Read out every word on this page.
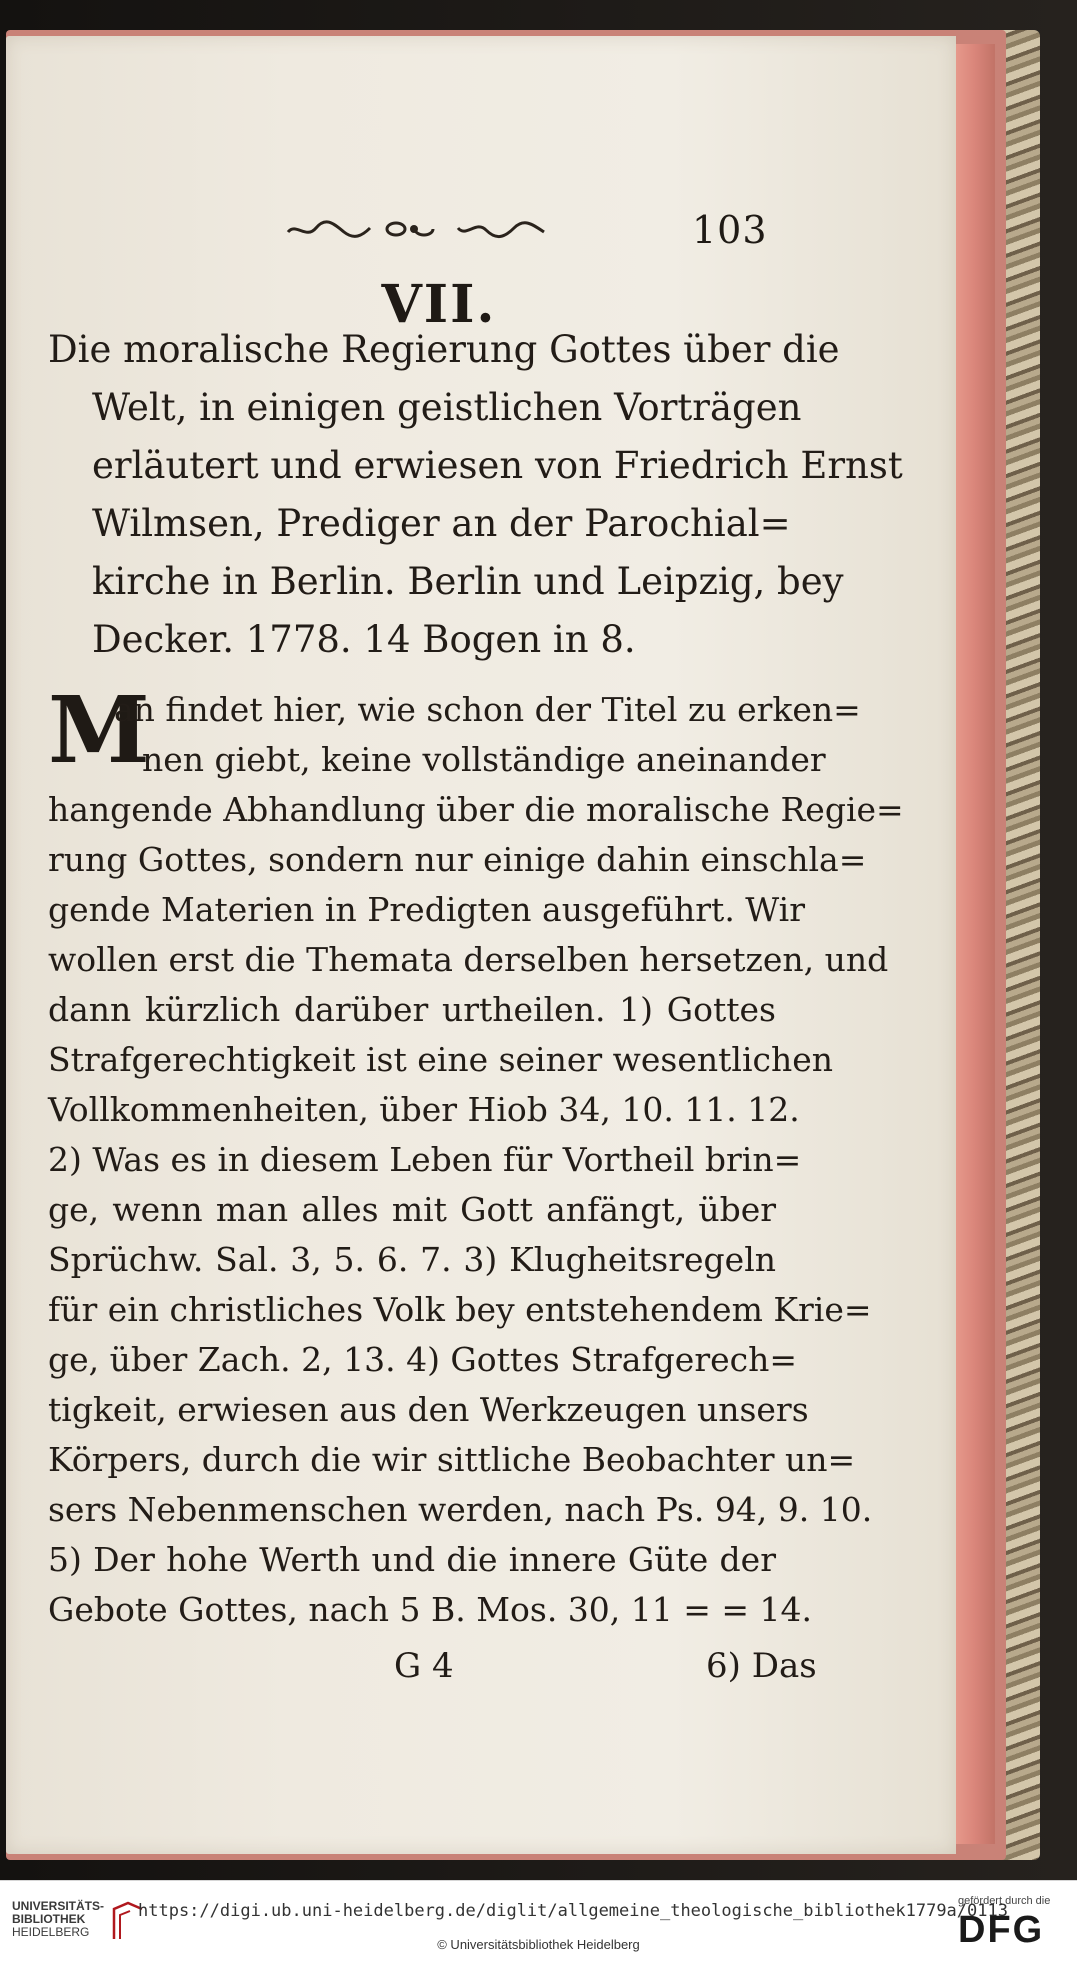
103
VII.
Die moralische Regierung Gottes über die
Welt, in einigen geistlichen Vorträgen
erläutert und erwiesen von Friedrich Ernst
Wilmsen, Prediger an der Parochial=
kirche in Berlin. Berlin und Leipzig, bey
Decker. 1778. 14 Bogen in 8.
M
an findet hier, wie schon der Titel zu erken=
nen giebt, keine vollständige aneinander
hangende Abhandlung über die moralische Regie=
rung Gottes, sondern nur einige dahin einschla=
gende Materien in Predigten ausgeführt. Wir
wollen erst die Themata derselben hersetzen, und
dann kürzlich darüber urtheilen. 1) Gottes
Strafgerechtigkeit ist eine seiner wesentlichen
Vollkommenheiten, über Hiob 34, 10. 11. 12.
2) Was es in diesem Leben für Vortheil brin=
ge, wenn man alles mit Gott anfängt, über
Sprüchw. Sal. 3, 5. 6. 7. 3) Klugheitsregeln
für ein christliches Volk bey entstehendem Krie=
ge, über Zach. 2, 13. 4) Gottes Strafgerech=
tigkeit, erwiesen aus den Werkzeugen unsers
Körpers, durch die wir sittliche Beobachter un=
sers Nebenmenschen werden, nach Ps. 94, 9. 10.
5) Der hohe Werth und die innere Güte der
Gebote Gottes, nach 5 B. Mos. 30, 11 = = 14.
G 4	6) Das
UNIVERSITÄTS-
BIBLIOTHEK
HEIDELBERG
https://digi.ub.uni-heidelberg.de/diglit/allgemeine_theologische_bibliothek1779a/0113
© Universitätsbibliothek Heidelberg
gefördert durch die
DFG
